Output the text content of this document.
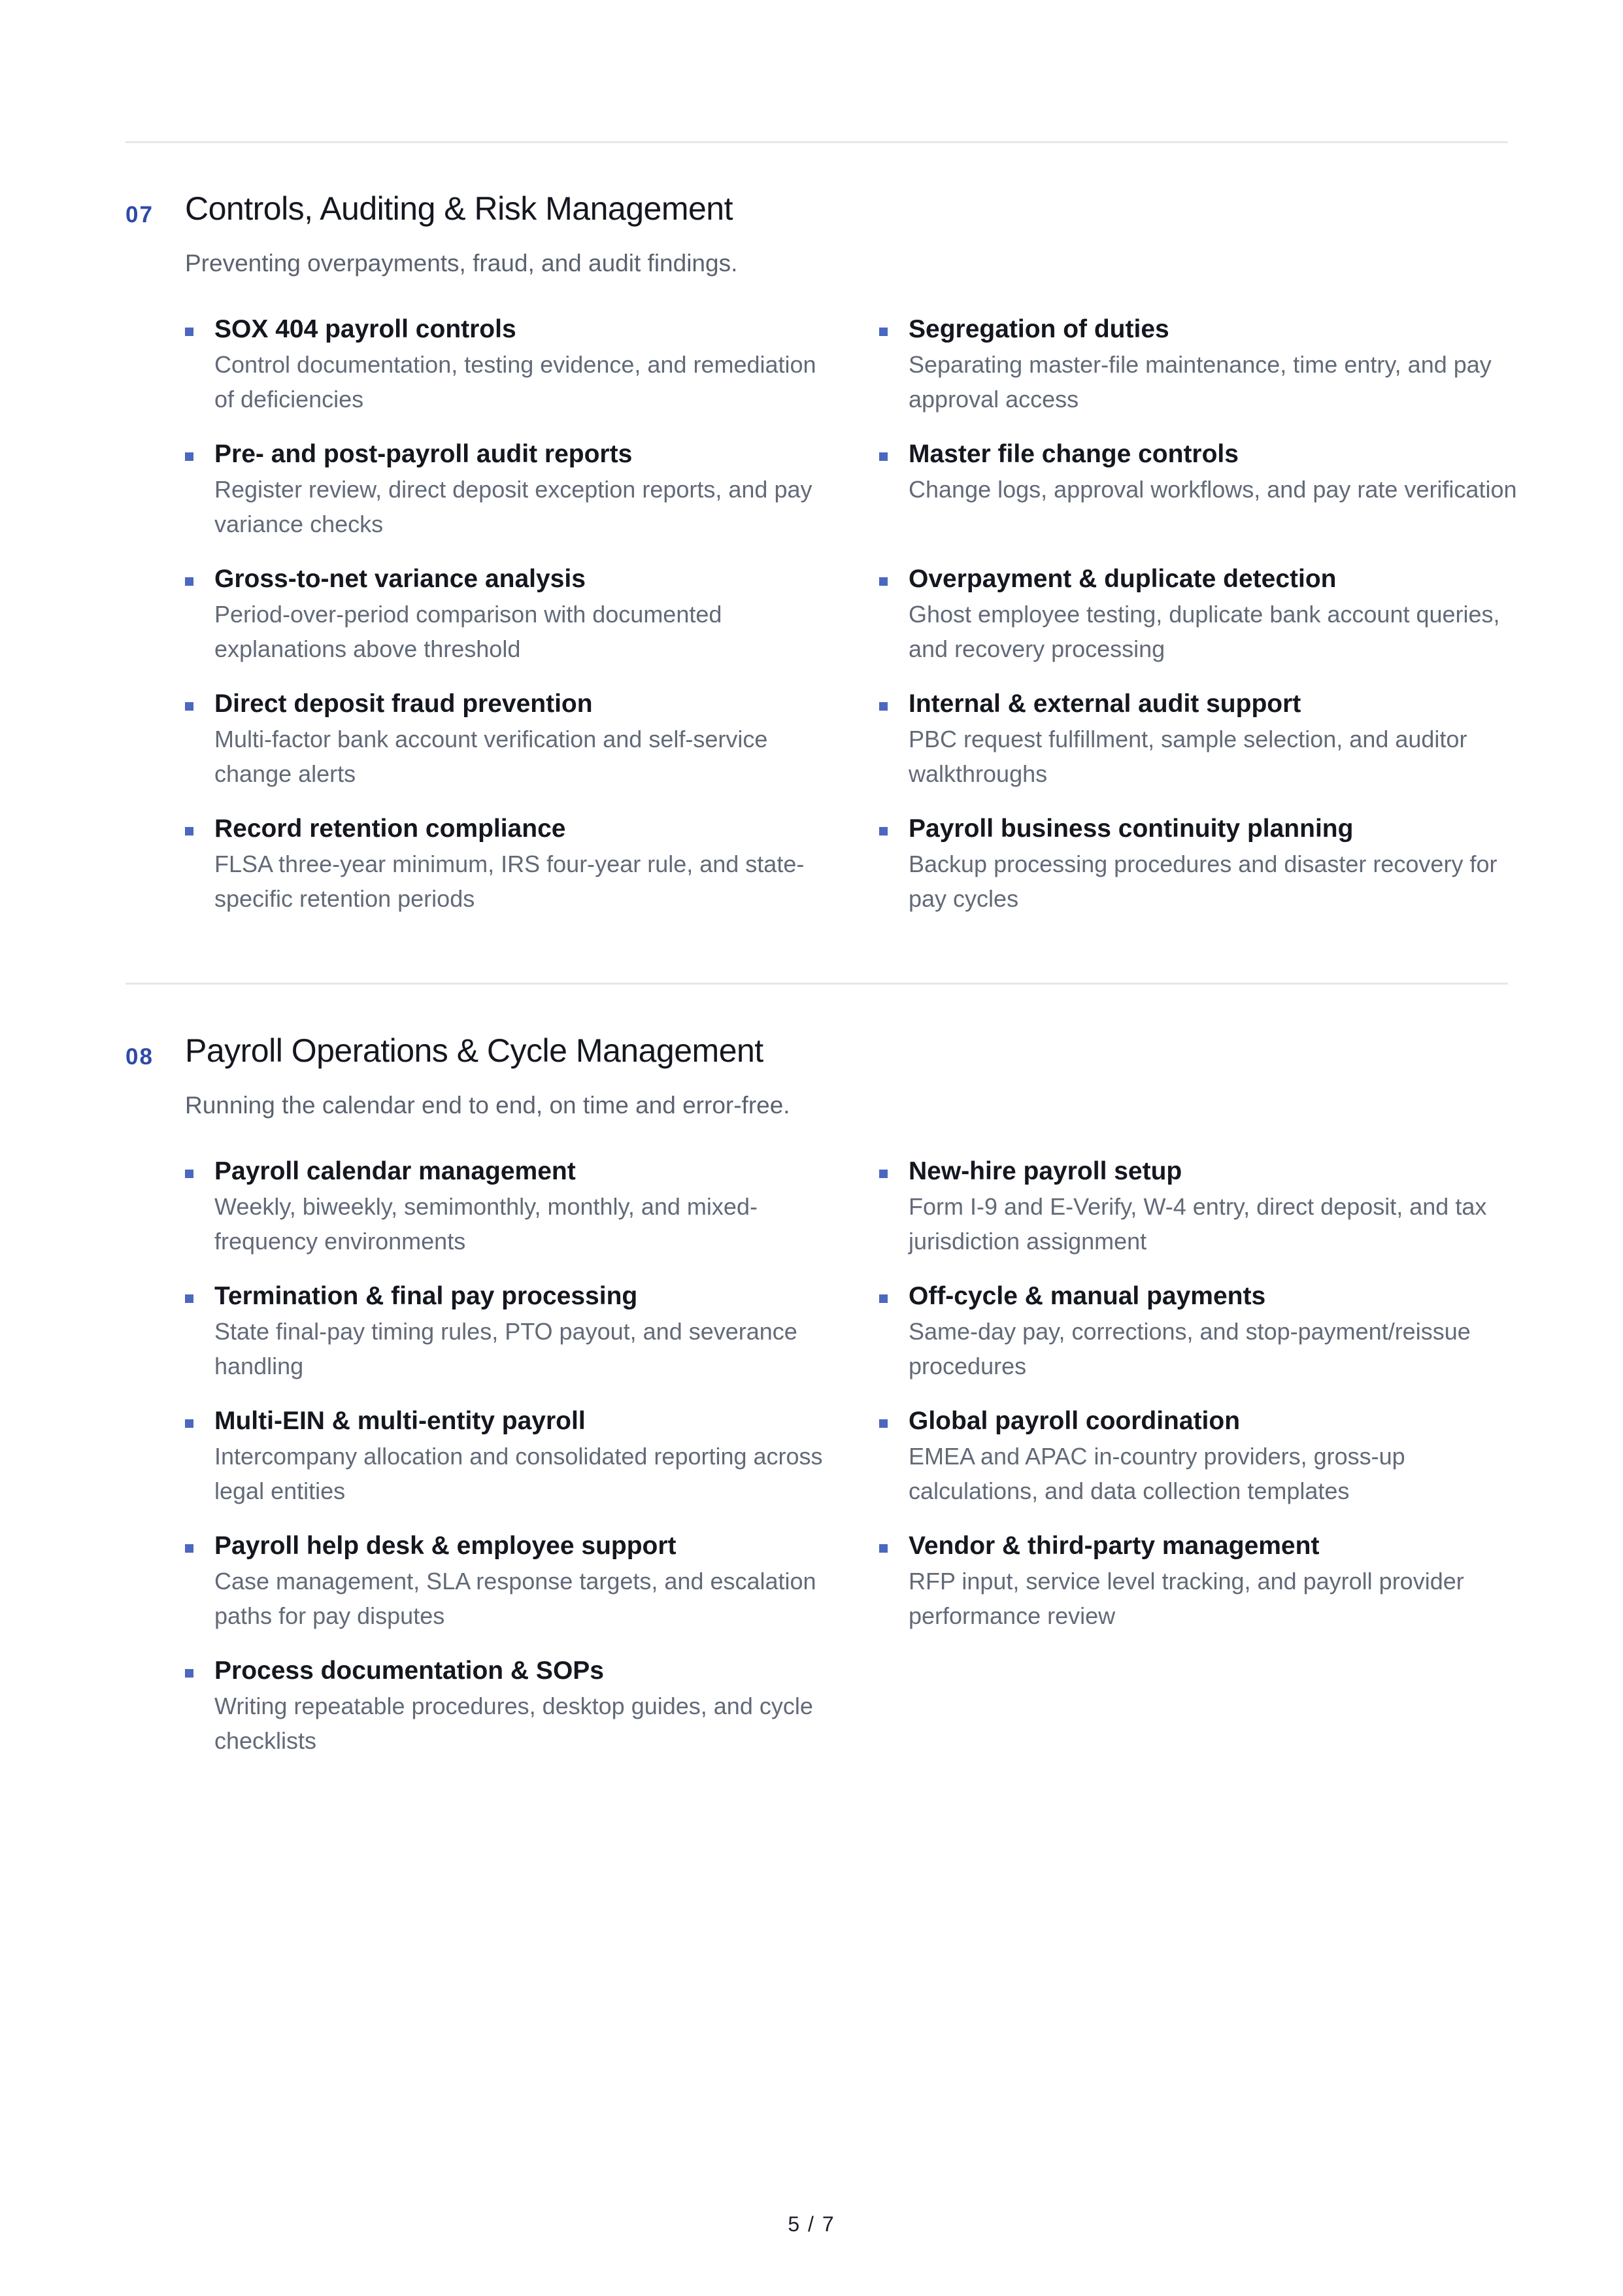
07 Controls, Auditing & Risk Management
Preventing overpayments, fraud, and audit findings.
SOX 404 payroll controls
Control documentation, testing evidence, and remediation of deficiencies
Segregation of duties
Separating master-file maintenance, time entry, and pay approval access
Pre- and post-payroll audit reports
Register review, direct deposit exception reports, and pay variance checks
Master file change controls
Change logs, approval workflows, and pay rate verification
Gross-to-net variance analysis
Period-over-period comparison with documented explanations above threshold
Overpayment & duplicate detection
Ghost employee testing, duplicate bank account queries, and recovery processing
Direct deposit fraud prevention
Multi-factor bank account verification and self-service change alerts
Internal & external audit support
PBC request fulfillment, sample selection, and auditor walkthroughs
Record retention compliance
FLSA three-year minimum, IRS four-year rule, and state-specific retention periods
Payroll business continuity planning
Backup processing procedures and disaster recovery for pay cycles
08 Payroll Operations & Cycle Management
Running the calendar end to end, on time and error-free.
Payroll calendar management
Weekly, biweekly, semimonthly, monthly, and mixed-frequency environments
New-hire payroll setup
Form I-9 and E-Verify, W-4 entry, direct deposit, and tax jurisdiction assignment
Termination & final pay processing
State final-pay timing rules, PTO payout, and severance handling
Off-cycle & manual payments
Same-day pay, corrections, and stop-payment/reissue procedures
Multi-EIN & multi-entity payroll
Intercompany allocation and consolidated reporting across legal entities
Global payroll coordination
EMEA and APAC in-country providers, gross-up calculations, and data collection templates
Payroll help desk & employee support
Case management, SLA response targets, and escalation paths for pay disputes
Vendor & third-party management
RFP input, service level tracking, and payroll provider performance review
Process documentation & SOPs
Writing repeatable procedures, desktop guides, and cycle checklists
5 / 7
